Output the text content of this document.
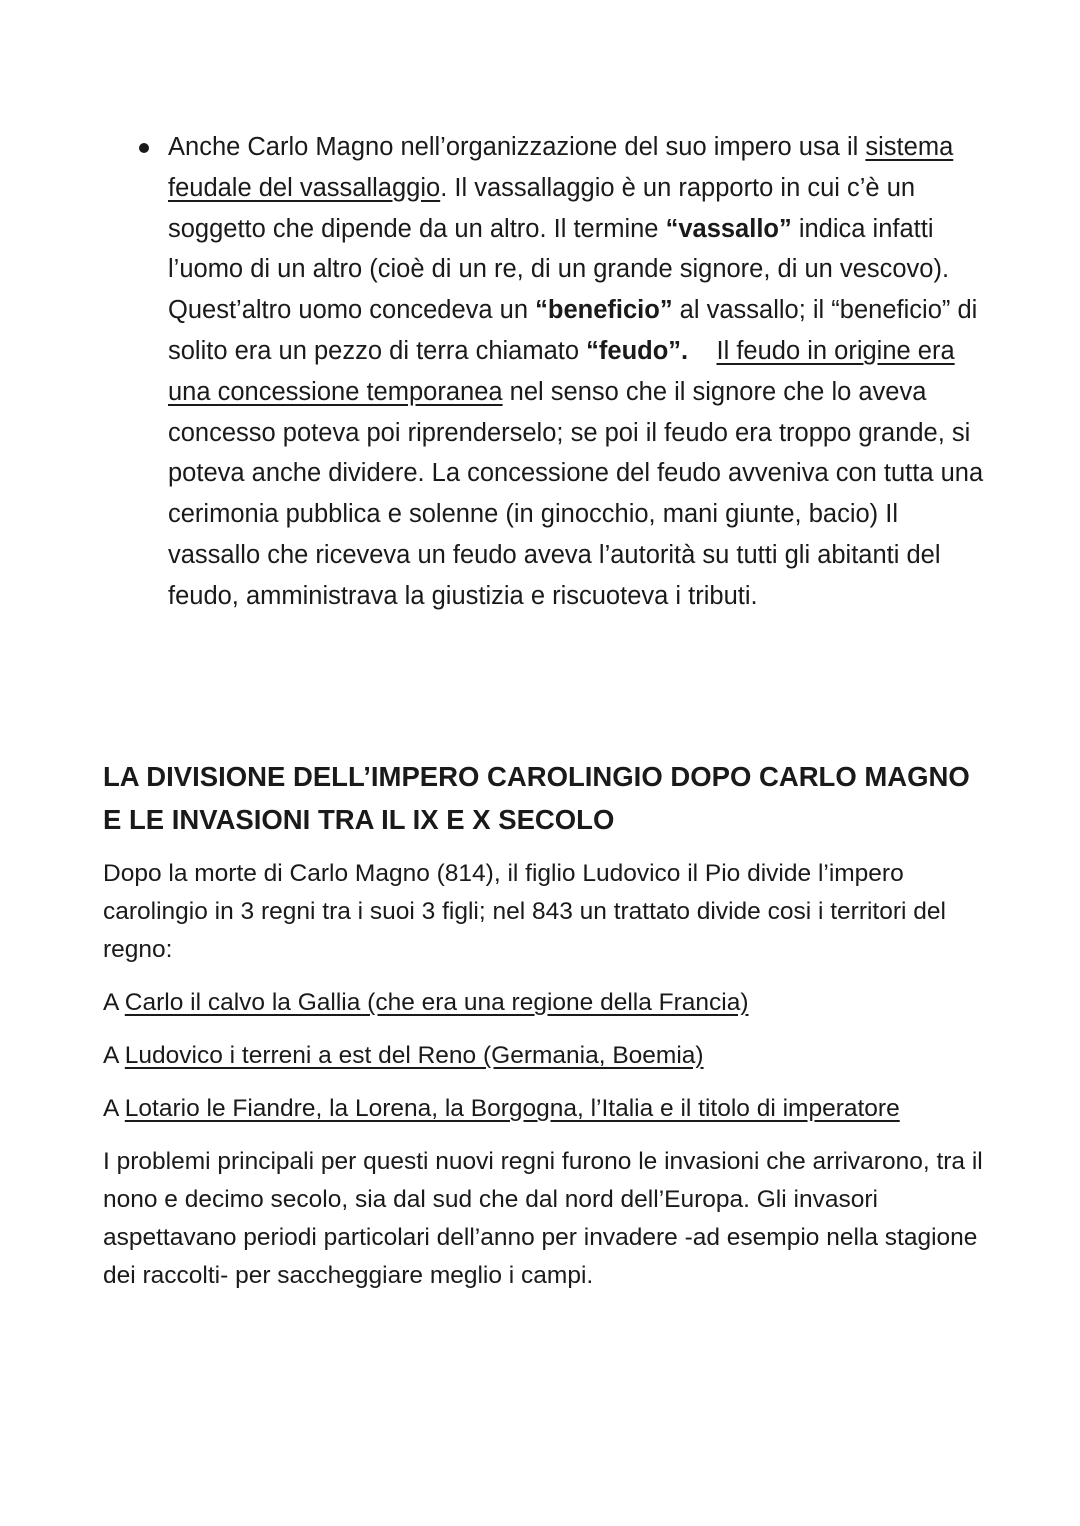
Anche Carlo Magno nell’organizzazione del suo impero usa il sistema feudale del vassallaggio. Il vassallaggio è un rapporto in cui c’è un soggetto che dipende da un altro. Il termine “vassallo” indica infatti l’uomo di un altro (cioè di un re, di un grande signore, di un vescovo). Quest’altro uomo concedeva un “beneficio” al vassallo; il “beneficio” di solito era un pezzo di terra chiamato “feudo”. Il feudo in origine era una concessione temporanea nel senso che il signore che lo aveva concesso poteva poi riprenderselo; se poi il feudo era troppo grande, si poteva anche dividere. La concessione del feudo avveniva con tutta una cerimonia pubblica e solenne (in ginocchio, mani giunte, bacio) Il vassallo che riceveva un feudo aveva l’autorità su tutti gli abitanti del feudo, amministrava la giustizia e riscuoteva i tributi.
LA DIVISIONE DELL’IMPERO CAROLINGIO DOPO CARLO MAGNO
E LE INVASIONI TRA IL IX E X SECOLO

Dopo la morte di Carlo Magno (814), il figlio Ludovico il Pio divide l’impero carolingio in 3 regni tra i suoi 3 figli; nel 843 un trattato divide cosi i territori del regno:

A Carlo il calvo la Gallia (che era una regione della Francia)

A Ludovico i terreni a est del Reno (Germania, Boemia)

A Lotario le Fiandre, la Lorena, la Borgogna, l’Italia e il titolo di imperatore

I problemi principali per questi nuovi regni furono le invasioni che arrivarono, tra il nono e decimo secolo, sia dal sud che dal nord dell’Europa. Gli invasori aspettavano periodi particolari dell’anno per invadere -ad esempio nella stagione dei raccolti- per saccheggiare meglio i campi.
